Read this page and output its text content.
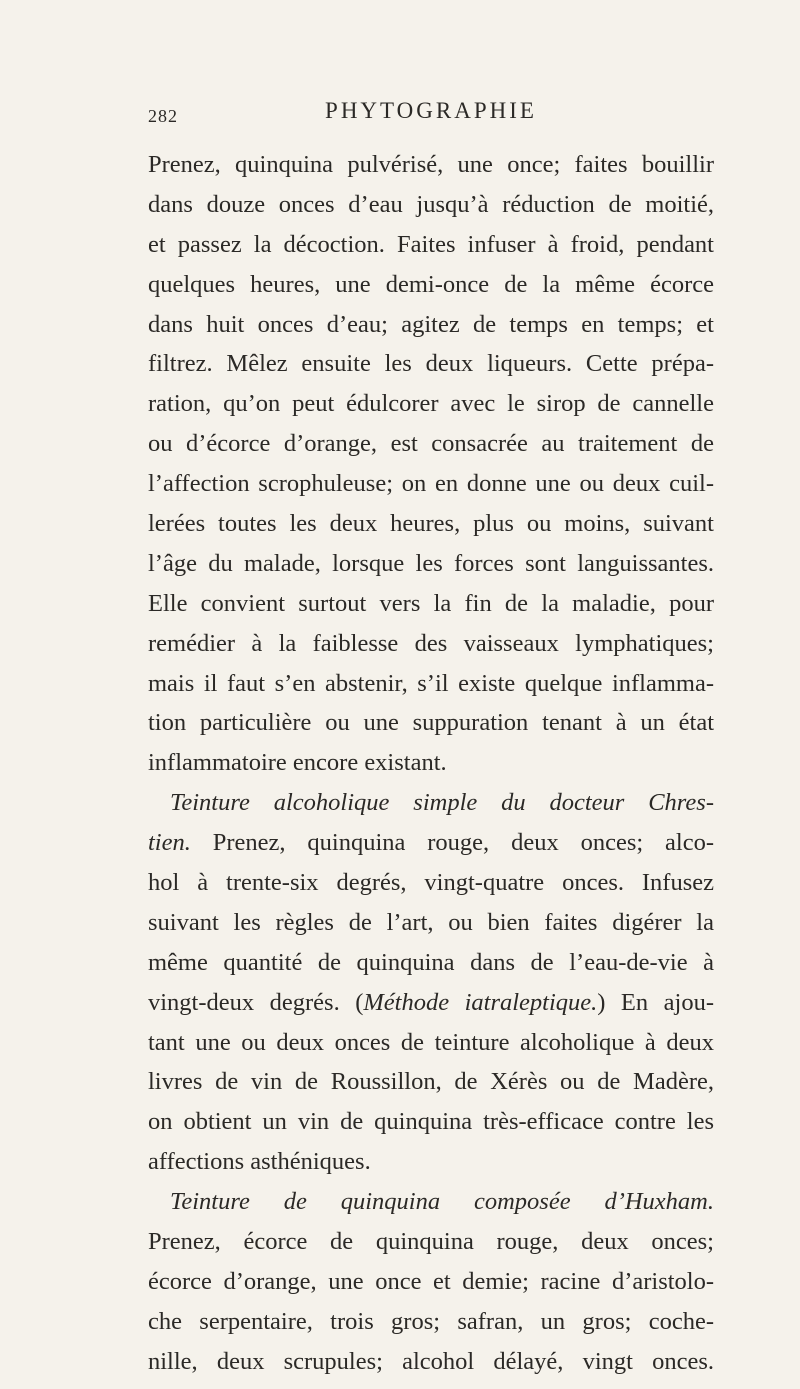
282	PHYTOGRAPHIE
Prenez, quinquina pulvérisé, une once; faites bouillir
dans douze onces d’eau jusqu’à réduction de moitié,
et passez la décoction. Faites infuser à froid, pendant
quelques heures, une demi-once de la même écorce
dans huit onces d’eau; agitez de temps en temps; et
filtrez. Mêlez ensuite les deux liqueurs. Cette prépa-
ration, qu’on peut édulcorer avec le sirop de cannelle
ou d’écorce d’orange, est consacrée au traitement de
l’affection scrophuleuse; on en donne une ou deux cuil-
lerées toutes les deux heures, plus ou moins, suivant
l’âge du malade, lorsque les forces sont languissantes.
Elle convient surtout vers la fin de la maladie, pour
remédier à la faiblesse des vaisseaux lymphatiques;
mais il faut s’en abstenir, s’il existe quelque inflamma-
tion particulière ou une suppuration tenant à un état
inflammatoire encore existant.
Teinture alcoholique simple du docteur Chres-
tien. Prenez, quinquina rouge, deux onces; alco-
hol à trente-six degrés, vingt-quatre onces. Infusez
suivant les règles de l’art, ou bien faites digérer la
même quantité de quinquina dans de l’eau-de-vie à
vingt-deux degrés. (Méthode iatraleptique.) En ajou-
tant une ou deux onces de teinture alcoholique à deux
livres de vin de Roussillon, de Xérès ou de Madère,
on obtient un vin de quinquina très-efficace contre les
affections asthéniques.
Teinture de quinquina composée d’Huxham.
Prenez, écorce de quinquina rouge, deux onces;
écorce d’orange, une once et demie; racine d’aristolo-
che serpentaire, trois gros; safran, un gros; coche-
nille, deux scrupules; alcohol délayé, vingt onces.
